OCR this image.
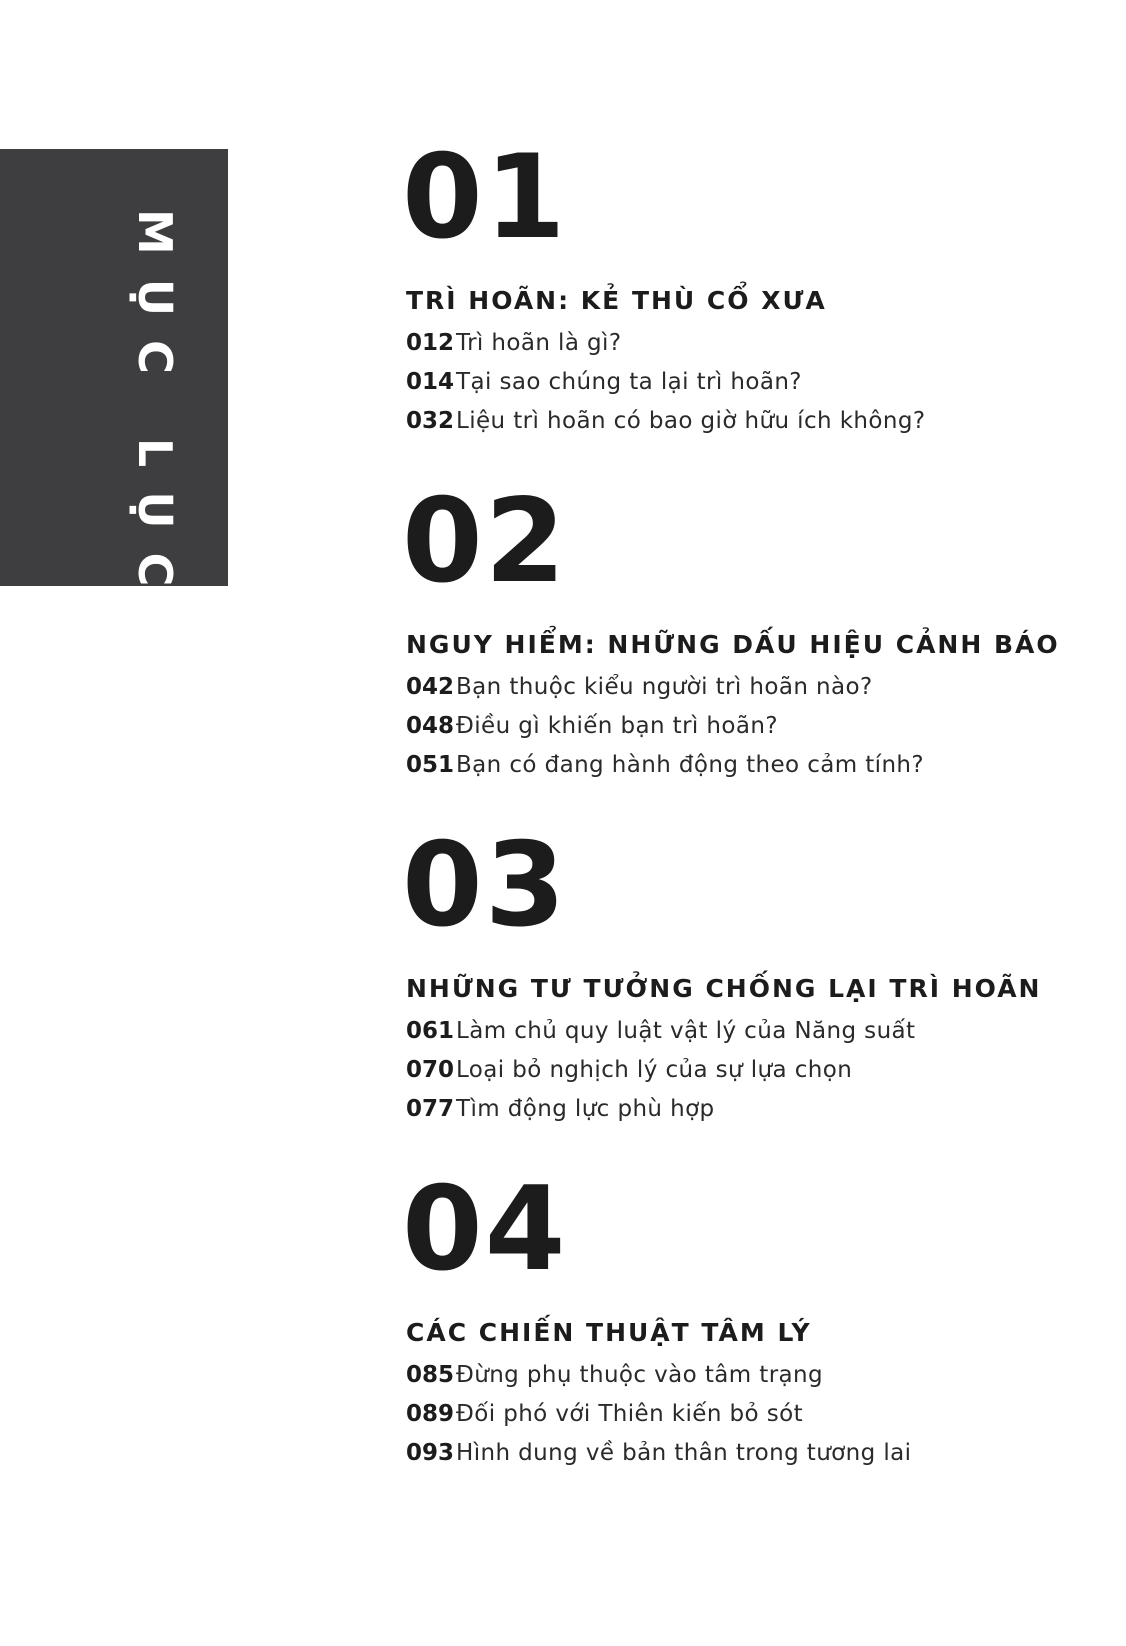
01
TRÌ HOÃN: KẺ THÙ CỔ XƯA
012Trì hoãn là gì?
014Tại sao chúng ta lại trì hoãn?
032Liệu trì hoãn có bao giờ hữu ích không?
02
NGUY HIỂM: NHỮNG DẤU HIỆU CẢNH BÁO
042Bạn thuộc kiểu người trì hoãn nào?
048Điều gì khiến bạn trì hoãn?
051Bạn có đang hành động theo cảm tính?
03
NHỮNG TƯ TƯỞNG CHỐNG LẠI TRÌ HOÃN
061Làm chủ quy luật vật lý của Năng suất
070Loại bỏ nghịch lý của sự lựa chọn
077Tìm động lực phù hợp
04
CÁC CHIẾN THUẬT TÂM LÝ
085Đừng phụ thuộc vào tâm trạng
089Đối phó với Thiên kiến bỏ sót
093Hình dung về bản thân trong tương lai
